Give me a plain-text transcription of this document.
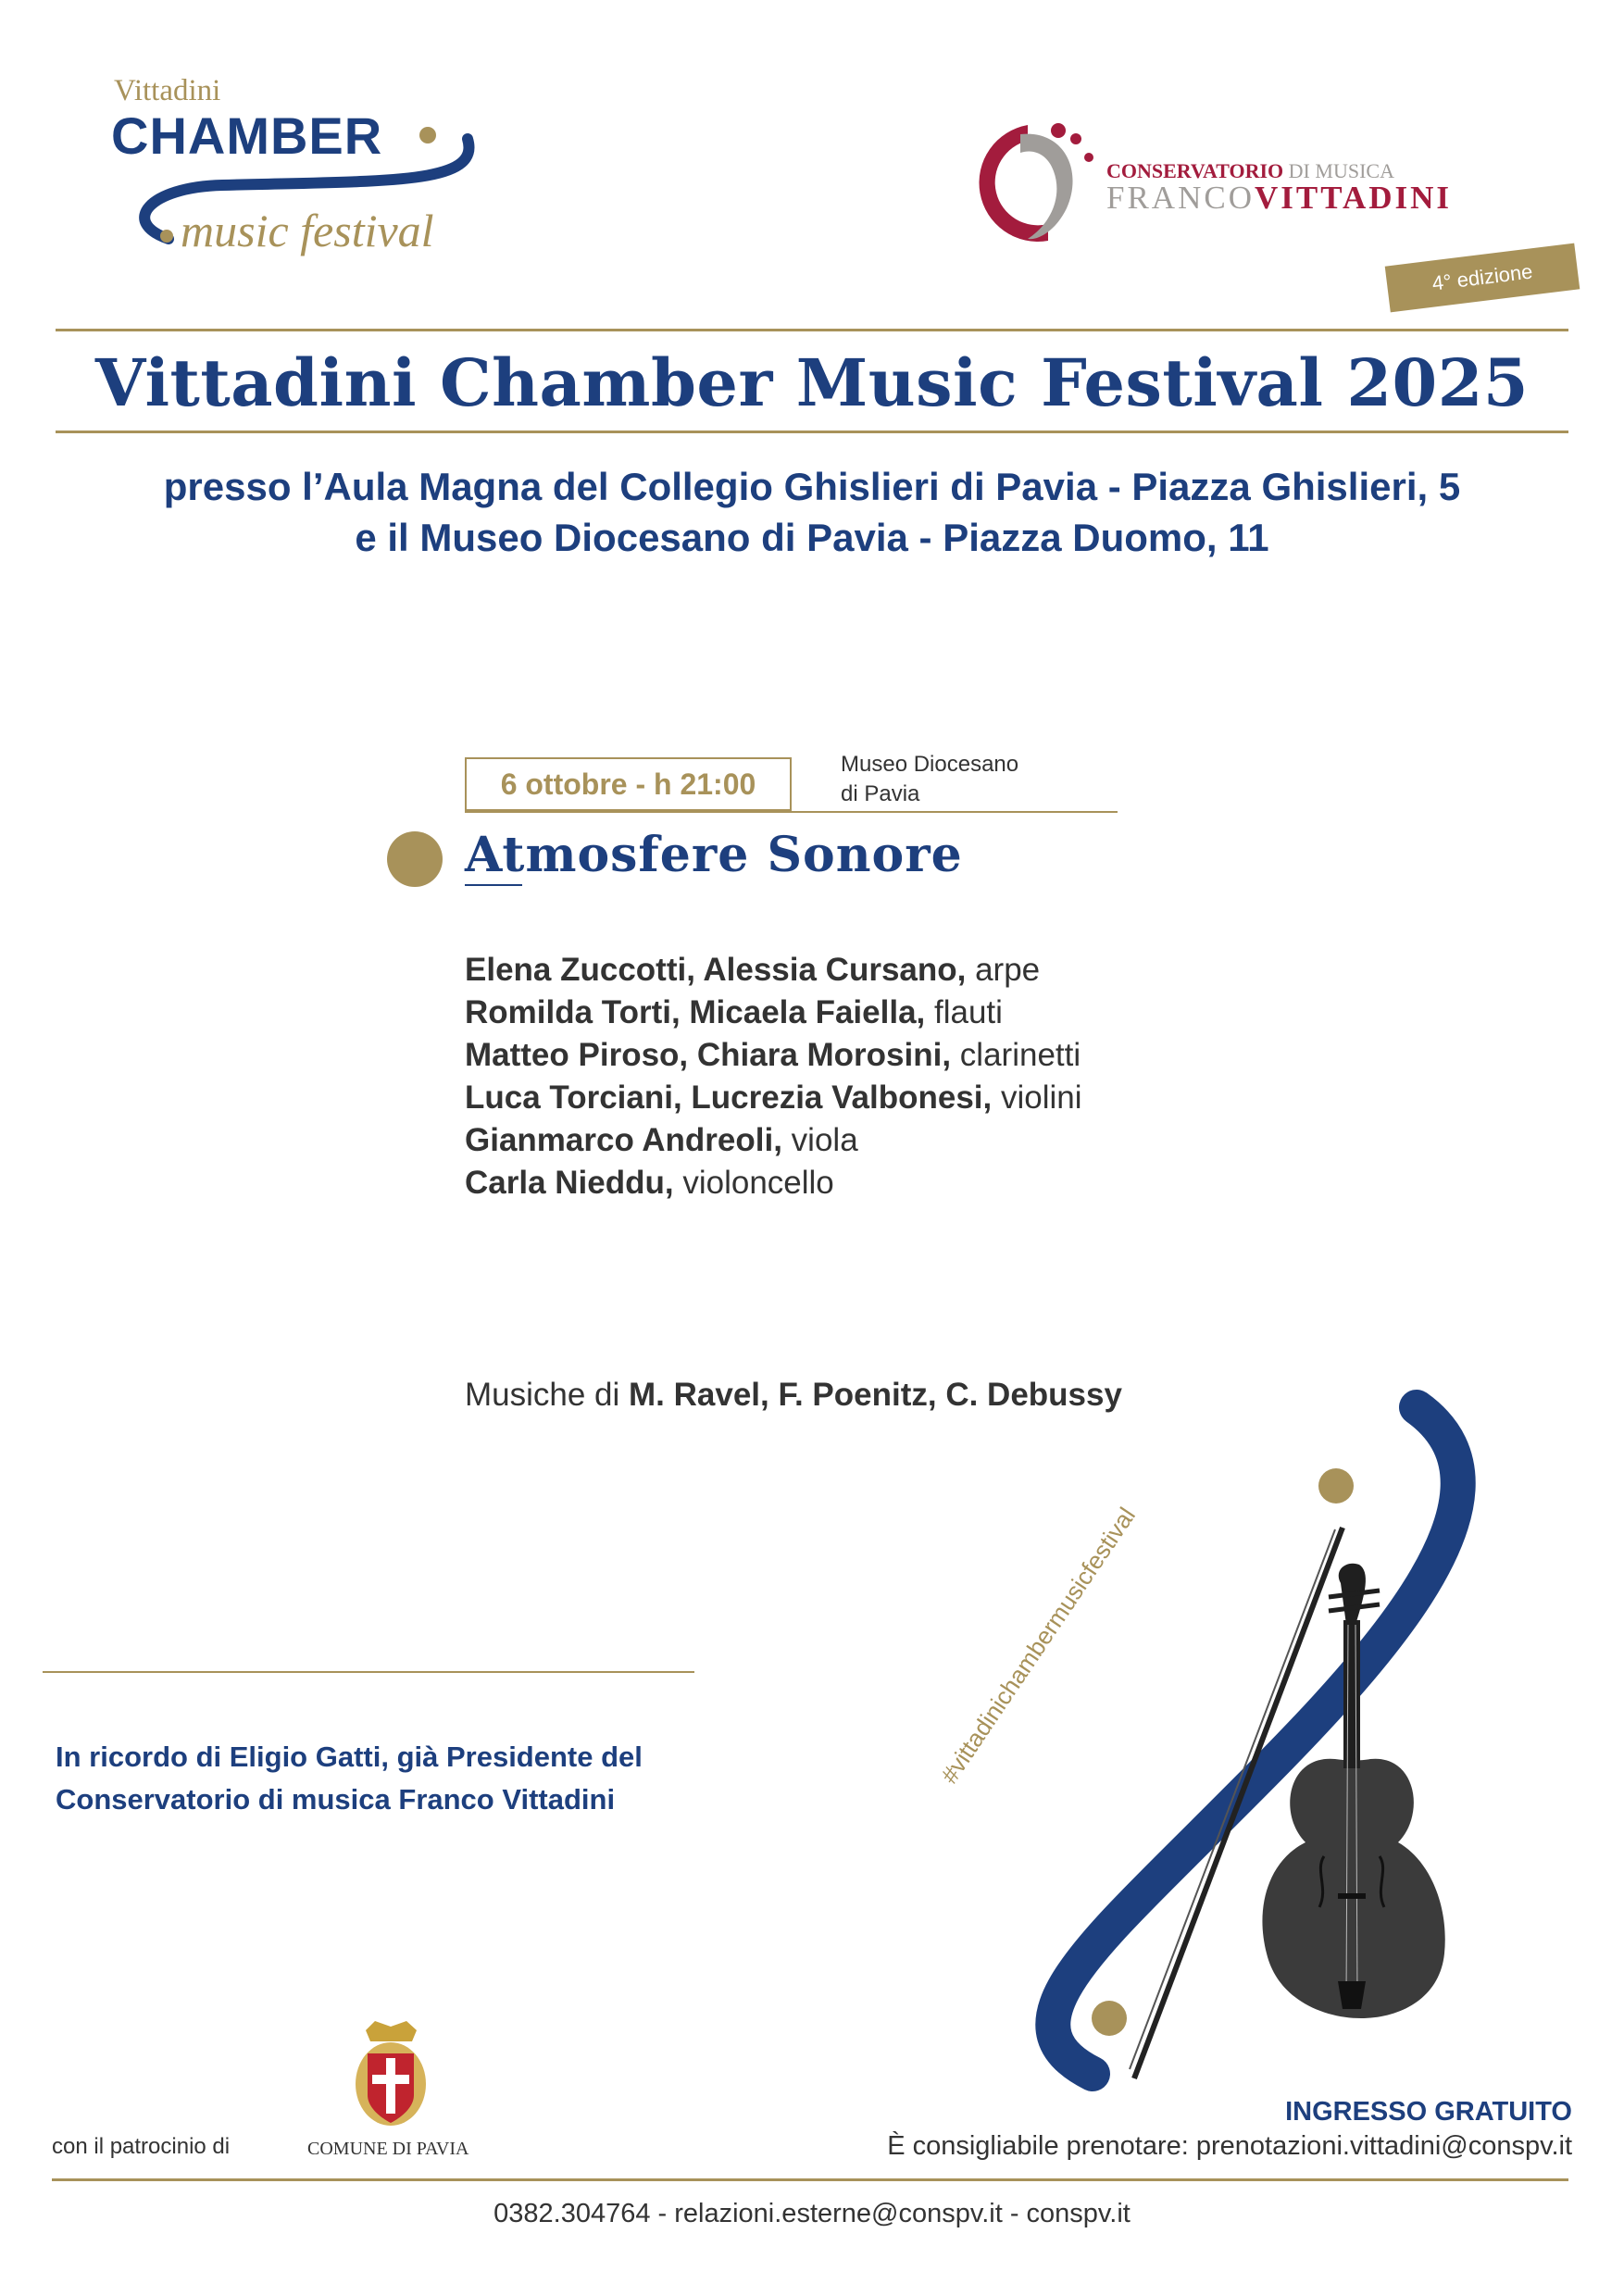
Vittadini
CHAMBER
music festival
CONSERVATORIO DI MUSICA
FRANCOVITTADINI
4° edizione
Vittadini Chamber Music Festival 2025
presso l’Aula Magna del Collegio Ghislieri di Pavia - Piazza Ghislieri, 5
e il Museo Diocesano di Pavia - Piazza Duomo, 11
6 ottobre - h 21:00
Museo Diocesano
di Pavia
Atmosfere Sonore
Elena Zuccotti, Alessia Cursano, arpe
Romilda Torti, Micaela Faiella, flauti
Matteo Piroso, Chiara Morosini, clarinetti
Luca Torciani, Lucrezia Valbonesi, violini
Gianmarco Andreoli, viola
Carla Nieddu, violoncello
Musiche di M. Ravel, F. Poenitz, C. Debussy
#vittadinichambermusicfestival
In ricordo di Eligio Gatti, già Presidente del
Conservatorio di musica Franco Vittadini
con il patrocinio di	COMUNE DI PAVIA
INGRESSO GRATUITO
È consigliabile prenotare: prenotazioni.vittadini@conspv.it
0382.304764 - relazioni.esterne@conspv.it - conspv.it
